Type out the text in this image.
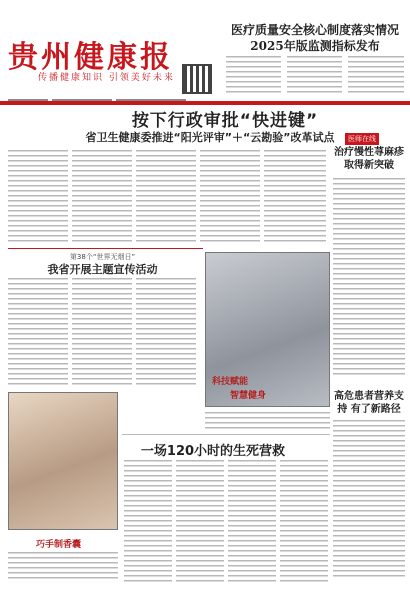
贵州健康报
传播健康知识 引领美好未来
医疗质量安全核心制度落实情况
2025年版监测指标发布
按下行政审批“快进键”
省卫生健康委推进“阳光评审”＋“云勘验”改革试点	医师在线
治疗慢性荨麻疹 取得新突破
高危患者营养支持 有了新路径
第38个“世界无烟日”
我省开展主题宣传活动
科技赋能
智慧健身
巧手制香囊
一场120小时的生死营救
